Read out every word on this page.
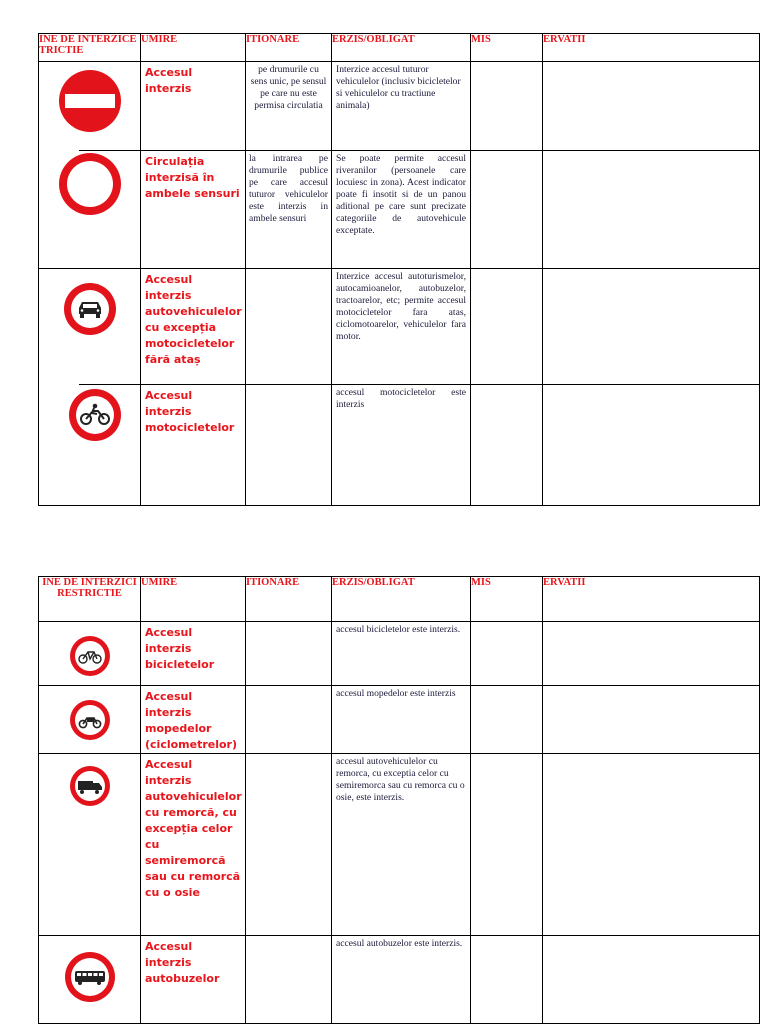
INE DE INTERZICE TRICTIE	UMIRE	ITIONARE	ERZIS/OBLIGAT	MIS	ERVATII
	Accesul interzis	pe drumurile cu sens unic, pe sensul pe care nu este permisa circulatia	Interzice accesul tuturor vehiculelor (inclusiv bicicletelor si vehiculelor cu tractiune animala)		

	Circulația interzisă în ambele sensuri	la intrarea pe drumurile publice pe care accesul tuturor vehiculelor este interzis in ambele sensuri	Se poate permite accesul riveranilor (persoanele care locuiesc in zona). Acest indicator poate fi insotit si de un panou aditional pe care sunt precizate categoriile de autovehicule exceptate.		
	Accesul interzis autovehiculelor cu excepția motocicletelor fără ataș		Interzice accesul autoturismelor, autocamioanelor, autobuzelor, tractoarelor, etc; permite accesul motocicletelor fara atas, ciclomotoarelor, vehiculelor fara motor.		

	Accesul interzis motocicletelor		accesul motocicletelor este interzis		
INE DE INTERZICI RESTRICTIE	UMIRE	ITIONARE	ERZIS/OBLIGAT	MIS	ERVATII
	Accesul interzis bicicletelor		accesul bicicletelor este interzis.		
	Accesul interzis mopedelor (ciclometrelor)		accesul mopedelor este interzis		
	Accesul interzis autovehiculelor cu remorcă, cu excepția celor cu semiremorcă sau cu remorcă cu o osie		accesul autovehiculelor cu remorca, cu exceptia celor cu semiremorca sau cu remorca cu o osie, este interzis.		
	Accesul interzis autobuzelor		accesul autobuzelor este interzis.		
